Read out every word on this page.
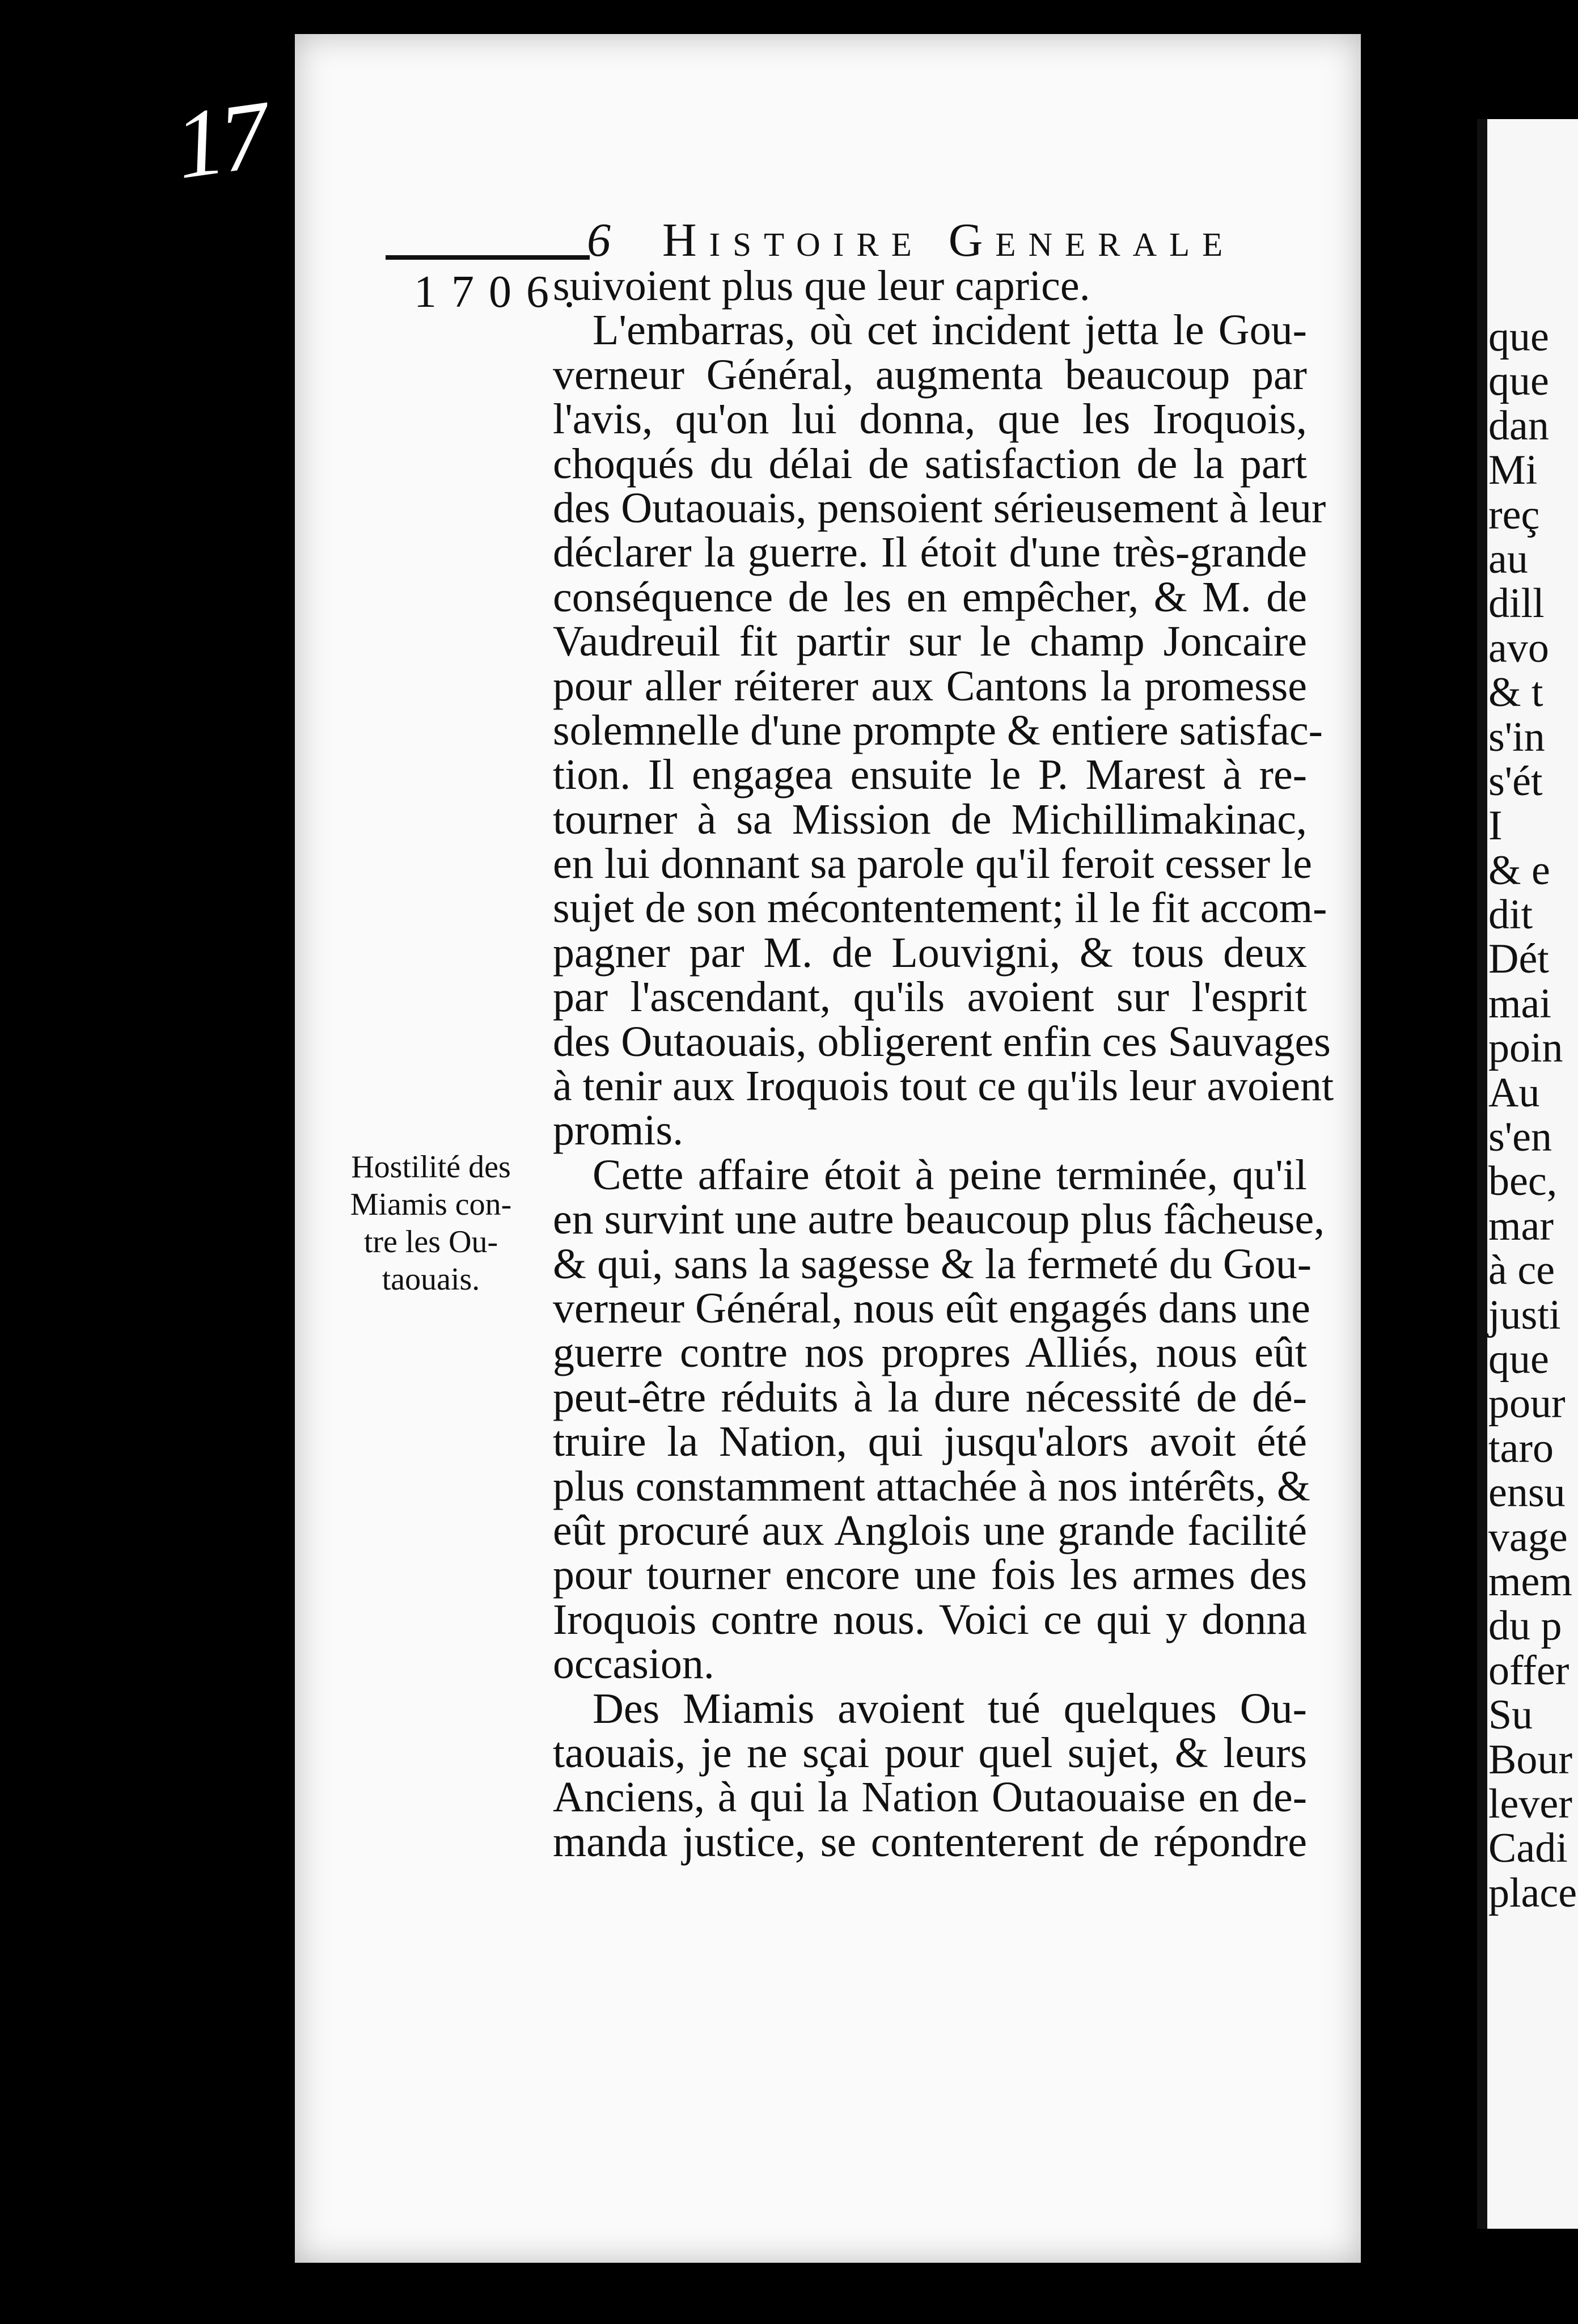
17
6 Histoire Generale
1706.
Hostilité des
Miamis con-
tre les Ou-
taouais.
suivoient plus que leur caprice.
L'embarras, où cet incident jetta le Gou-
verneur Général, augmenta beaucoup par
l'avis, qu'on lui donna, que les Iroquois,
choqués du délai de satisfaction de la part
des Outaouais, pensoient sérieusement à leur
déclarer la guerre. Il étoit d'une très-grande
conséquence de les en empêcher, & M. de
Vaudreuil fit partir sur le champ Joncaire
pour aller réiterer aux Cantons la promesse
solemnelle d'une prompte & entiere satisfac-
tion. Il engagea ensuite le P. Marest à re-
tourner à sa Mission de Michillimakinac,
en lui donnant sa parole qu'il feroit cesser le
sujet de son mécontentement; il le fit accom-
pagner par M. de Louvigni, & tous deux
par l'ascendant, qu'ils avoient sur l'esprit
des Outaouais, obligerent enfin ces Sauvages
à tenir aux Iroquois tout ce qu'ils leur avoient
promis.
Cette affaire étoit à peine terminée, qu'il
en survint une autre beaucoup plus fâcheuse,
& qui, sans la sagesse & la fermeté du Gou-
verneur Général, nous eût engagés dans une
guerre contre nos propres Alliés, nous eût
peut-être réduits à la dure nécessité de dé-
truire la Nation, qui jusqu'alors avoit été
plus constamment attachée à nos intérêts, &
eût procuré aux Anglois une grande facilité
pour tourner encore une fois les armes des
Iroquois contre nous. Voici ce qui y donna
occasion.
Des Miamis avoient tué quelques Ou-
taouais, je ne sçai pour quel sujet, & leurs
Anciens, à qui la Nation Outaouaise en de-
manda justice, se contenterent de répondre
que
que
dan
Mi
reç
au
dill
avo
& t
s'in
s'ét
I
& e
dit
Dét
mai
poin
Au
s'en
bec,
mar
à ce
justi
que
pour
taro
ensu
vage
mem
du p
offer
Su
Bour
lever
Cadi
place
